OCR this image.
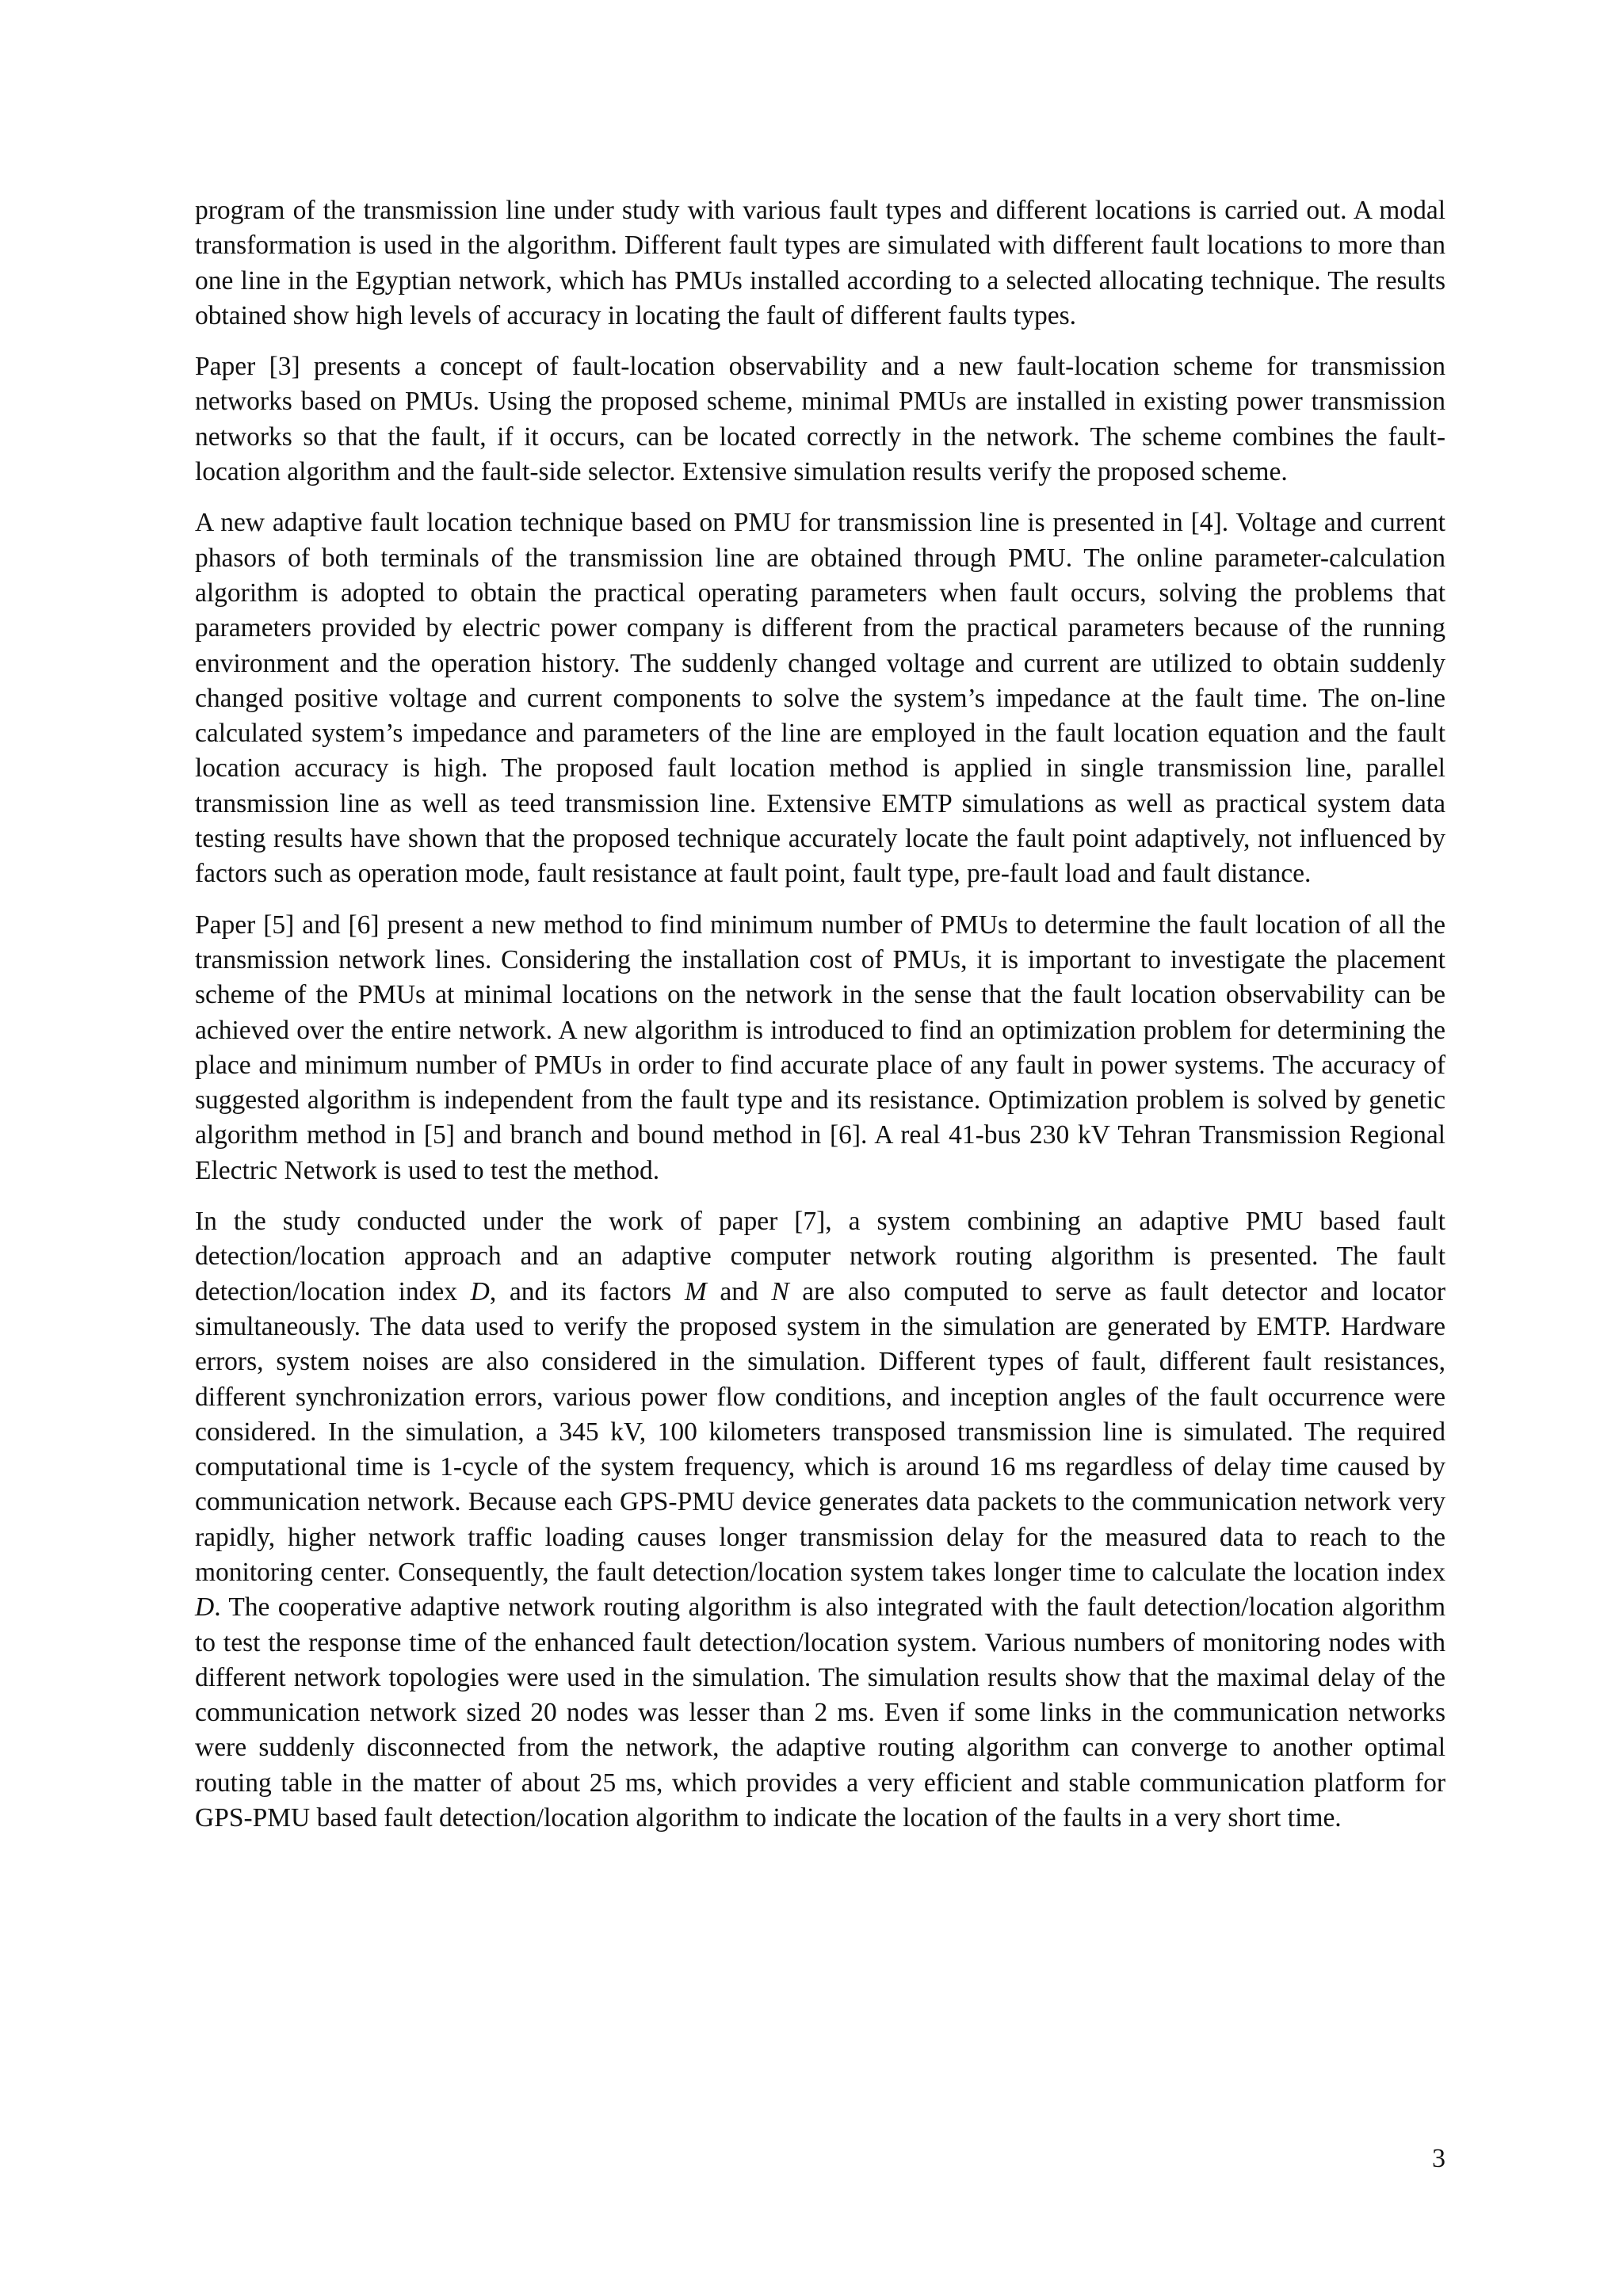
program of the transmission line under study with various fault types and different locations is carried out. A modal transformation is used in the algorithm. Different fault types are simulated with different fault locations to more than one line in the Egyptian network, which has PMUs installed according to a selected allocating technique. The results obtained show high levels of accuracy in locating the fault of different faults types.

Paper [3] presents a concept of fault-location observability and a new fault-location scheme for transmission networks based on PMUs. Using the proposed scheme, minimal PMUs are installed in existing power transmission networks so that the fault, if it occurs, can be located correctly in the network. The scheme combines the fault-location algorithm and the fault-side selector. Extensive simulation results verify the proposed scheme.

A new adaptive fault location technique based on PMU for transmission line is presented in [4]. Voltage and current phasors of both terminals of the transmission line are obtained through PMU. The online parameter-calculation algorithm is adopted to obtain the practical operating parameters when fault occurs, solving the problems that parameters provided by electric power company is different from the practical parameters because of the running environment and the operation history. The suddenly changed voltage and current are utilized to obtain suddenly changed positive voltage and current components to solve the system’s impedance at the fault time. The on-line calculated system’s impedance and parameters of the line are employed in the fault location equation and the fault location accuracy is high. The proposed fault location method is applied in single transmission line, parallel transmission line as well as teed transmission line. Extensive EMTP simulations as well as practical system data testing results have shown that the proposed technique accurately locate the fault point adaptively, not influenced by factors such as operation mode, fault resistance at fault point, fault type, pre-fault load and fault distance.

Paper [5] and [6] present a new method to find minimum number of PMUs to determine the fault location of all the transmission network lines. Considering the installation cost of PMUs, it is important to investigate the placement scheme of the PMUs at minimal locations on the network in the sense that the fault location observability can be achieved over the entire network. A new algorithm is introduced to find an optimization problem for determining the place and minimum number of PMUs in order to find accurate place of any fault in power systems. The accuracy of suggested algorithm is independent from the fault type and its resistance. Optimization problem is solved by genetic algorithm method in [5] and branch and bound method in [6]. A real 41-bus 230 kV Tehran Transmission Regional Electric Network is used to test the method.

In the study conducted under the work of paper [7], a system combining an adaptive PMU based fault detection/location approach and an adaptive computer network routing algorithm is presented. The fault detection/location index D, and its factors M and N are also computed to serve as fault detector and locator simultaneously. The data used to verify the proposed system in the simulation are generated by EMTP. Hardware errors, system noises are also considered in the simulation. Different types of fault, different fault resistances, different synchronization errors, various power flow conditions, and inception angles of the fault occurrence were considered. In the simulation, a 345 kV, 100 kilometers transposed transmission line is simulated. The required computational time is 1-cycle of the system frequency, which is around 16 ms regardless of delay time caused by communication network. Because each GPS-PMU device generates data packets to the communication network very rapidly, higher network traffic loading causes longer transmission delay for the measured data to reach to the monitoring center. Consequently, the fault detection/location system takes longer time to calculate the location index D. The cooperative adaptive network routing algorithm is also integrated with the fault detection/location algorithm to test the response time of the enhanced fault detection/location system. Various numbers of monitoring nodes with different network topologies were used in the simulation. The simulation results show that the maximal delay of the communication network sized 20 nodes was lesser than 2 ms. Even if some links in the communication networks were suddenly disconnected from the network, the adaptive routing algorithm can converge to another optimal routing table in the matter of about 25 ms, which provides a very efficient and stable communication platform for GPS-PMU based fault detection/location algorithm to indicate the location of the faults in a very short time.

3
